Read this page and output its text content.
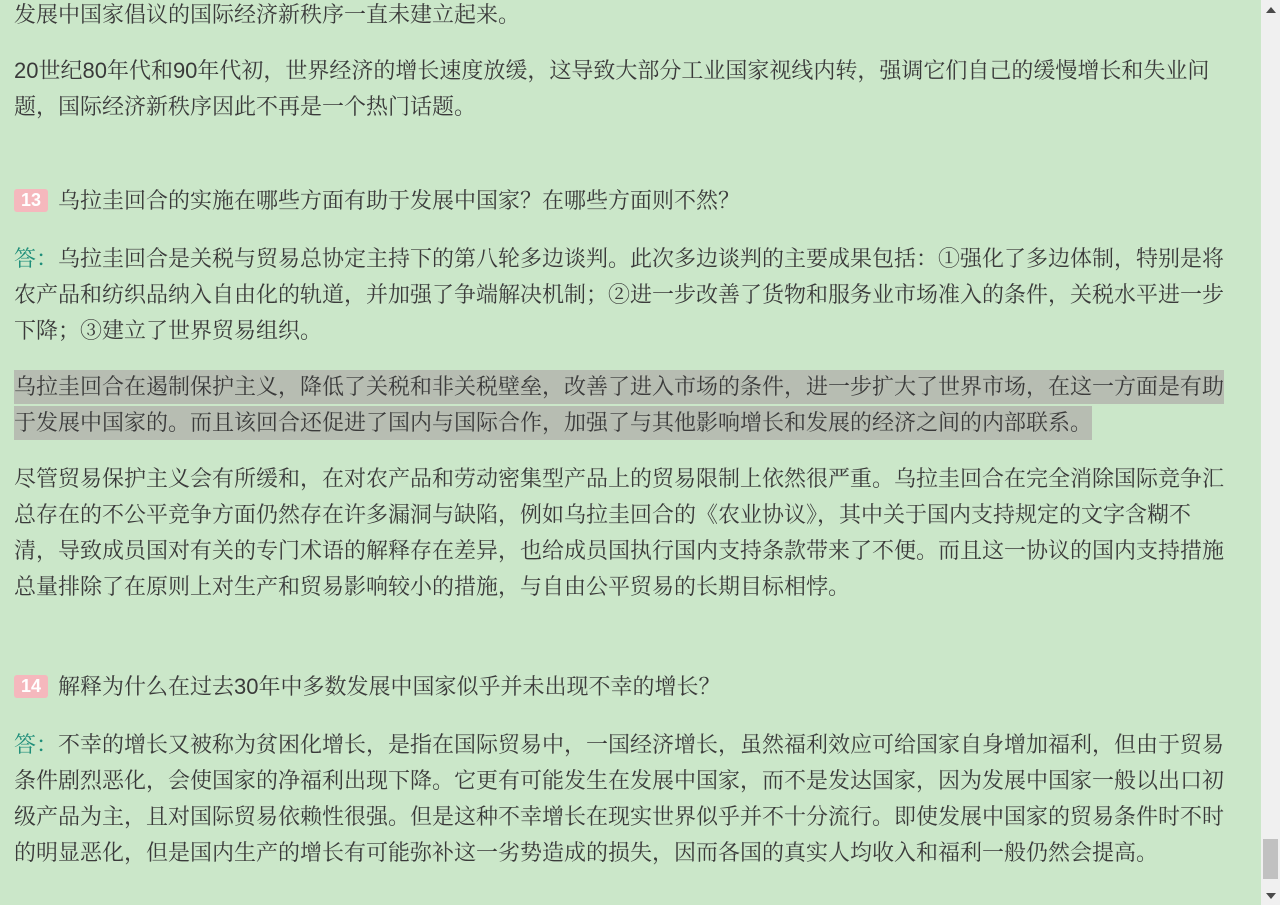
发展中国家倡议的国际经济新秩序一直未建立起来。

20世纪80年代和90年代初，世界经济的增长速度放缓，这导致大部分工业国家视线内转，强调它们自己的缓慢增长和失业问题，国际经济新秩序因此不再是一个热门话题。

13 乌拉圭回合的实施在哪些方面有助于发展中国家？在哪些方面则不然？

答：乌拉圭回合是关税与贸易总协定主持下的第八轮多边谈判。此次多边谈判的主要成果包括：①强化了多边体制，特别是将农产品和纺织品纳入自由化的轨道，并加强了争端解决机制；②进一步改善了货物和服务业市场准入的条件，关税水平进一步下降；③建立了世界贸易组织。

乌拉圭回合在遏制保护主义，降低了关税和非关税壁垒，改善了进入市场的条件，进一步扩大了世界市场，在这一方面是有助于发展中国家的。而且该回合还促进了国内与国际合作，加强了与其他影响增长和发展的经济之间的内部联系。

尽管贸易保护主义会有所缓和，在对农产品和劳动密集型产品上的贸易限制上依然很严重。乌拉圭回合在完全消除国际竞争汇总存在的不公平竞争方面仍然存在许多漏洞与缺陷，例如乌拉圭回合的《农业协议》，其中关于国内支持规定的文字含糊不清，导致成员国对有关的专门术语的解释存在差异，也给成员国执行国内支持条款带来了不便。而且这一协议的国内支持措施总量排除了在原则上对生产和贸易影响较小的措施，与自由公平贸易的长期目标相悖。

14 解释为什么在过去30年中多数发展中国家似乎并未出现不幸的增长？

答：不幸的增长又被称为贫困化增长，是指在国际贸易中，一国经济增长，虽然福利效应可给国家自身增加福利，但由于贸易条件剧烈恶化，会使国家的净福利出现下降。它更有可能发生在发展中国家，而不是发达国家，因为发展中国家一般以出口初级产品为主，且对国际贸易依赖性很强。但是这种不幸增长在现实世界似乎并不十分流行。即使发展中国家的贸易条件时不时的明显恶化，但是国内生产的增长有可能弥补这一劣势造成的损失，因而各国的真实人均收入和福利一般仍然会提高。
